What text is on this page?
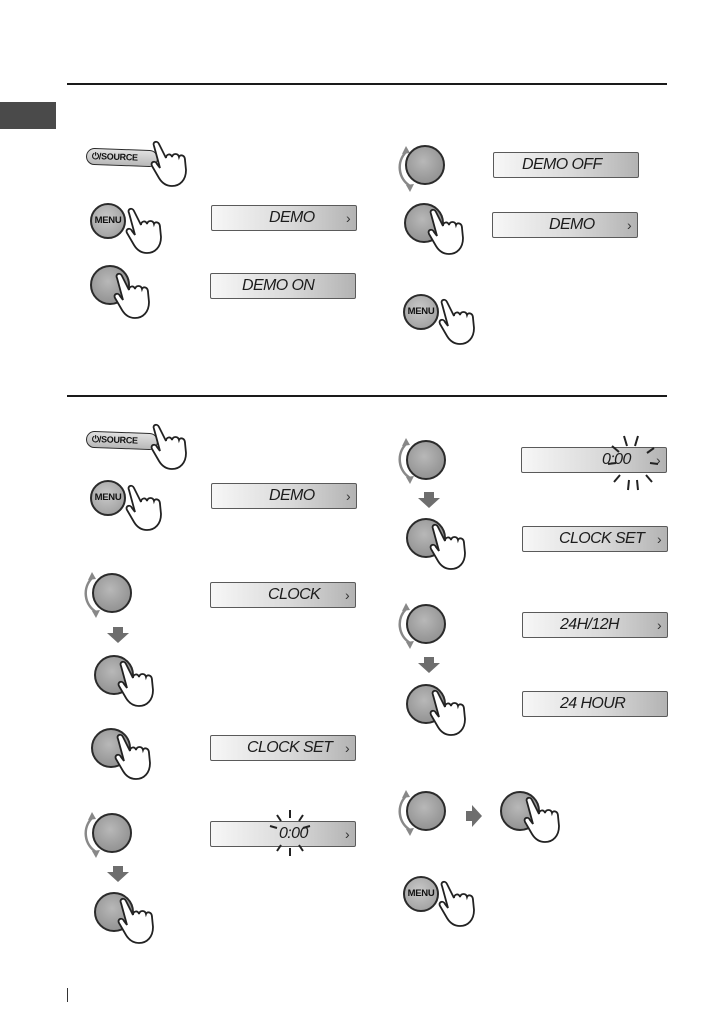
⏻/SOURCE
MENU	DEMO ›
DEMO ON
DEMO OFF
DEMO ›
MENU
⏻/SOURCE
MENU	DEMO ›
CLOCK ›
CLOCK SET ›
0:00	›
0:00 ›
CLOCK SET ›
24H/12H	›
24 HOUR
MENU
